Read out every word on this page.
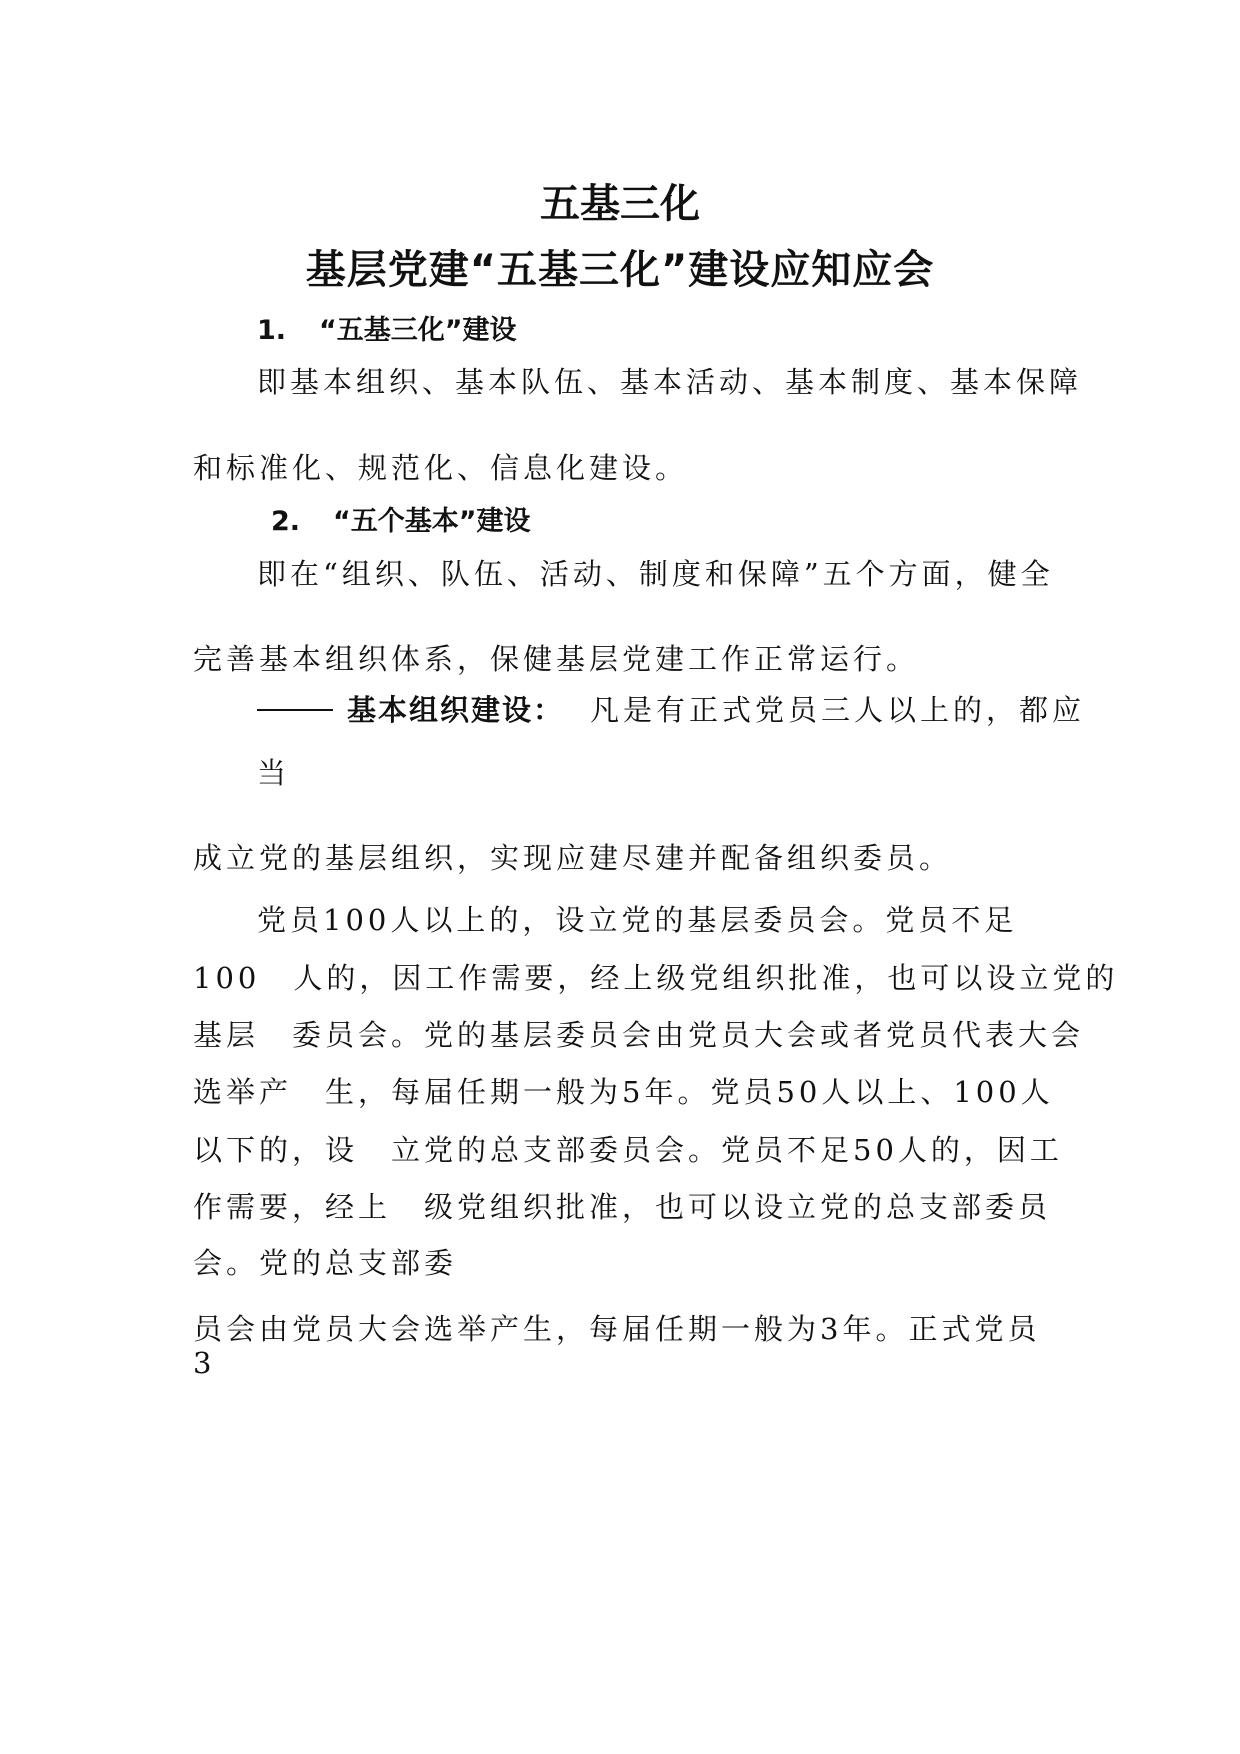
五基三化
基层党建“五基三化”建设应知应会
1. “五基三化”建设
即基本组织、基本队伍、基本活动、基本制度、基本保障
和标准化、规范化、信息化建设。
2. “五个基本”建设
即在“组织、队伍、活动、制度和保障”五个方面，健全
完善基本组织体系，保健基层党建工作正常运行。
基本组织建设： 凡是有正式党员三人以上的，都应
当
成立党的基层组织，实现应建尽建并配备组织委员。
党员100人以上的，设立党的基层委员会。党员不足
100　人的，因工作需要，经上级党组织批准，也可以设立党的
基层　委员会。党的基层委员会由党员大会或者党员代表大会
选举产　生，每届任期一般为5年。党员50人以上、100人
以下的，设　立党的总支部委员会。党员不足50人的，因工
作需要，经上　级党组织批准，也可以设立党的总支部委员
会。党的总支部委
员会由党员大会选举产生，每届任期一般为3年。正式党员
3
